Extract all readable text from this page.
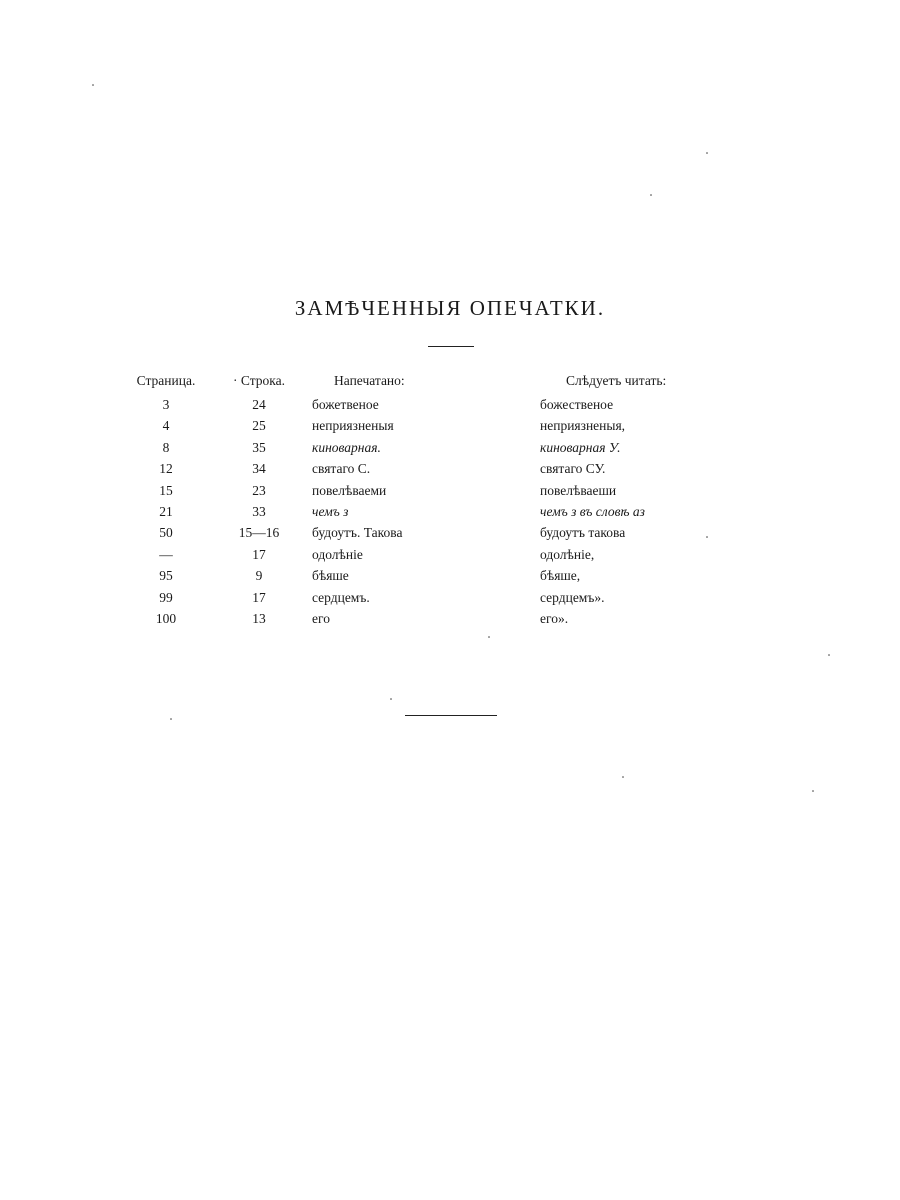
ЗАМѢЧЕННЫЯ ОПЕЧАТКИ.
Страница.	· Строка.	Напечатано:	Слѣдуетъ читать:
3	24	божетвеное	божественое
4	25	неприязненыя	неприязненыя,
8	35	киноварная.	киноварная У.
12	34	святаго С.	святаго СУ.
15	23	повелѣваеми	повелѣваеши
21	33	чемъ з	чемъ з въ словѣ аз
50	15—16	будоутъ. Такова	будоутъ такова
—	17	одолѣніе	одолѣніе,
95	9	бѣяше	бѣяше,
99	17	сердцемъ.	сердцемъ».
100	13	его	его».
